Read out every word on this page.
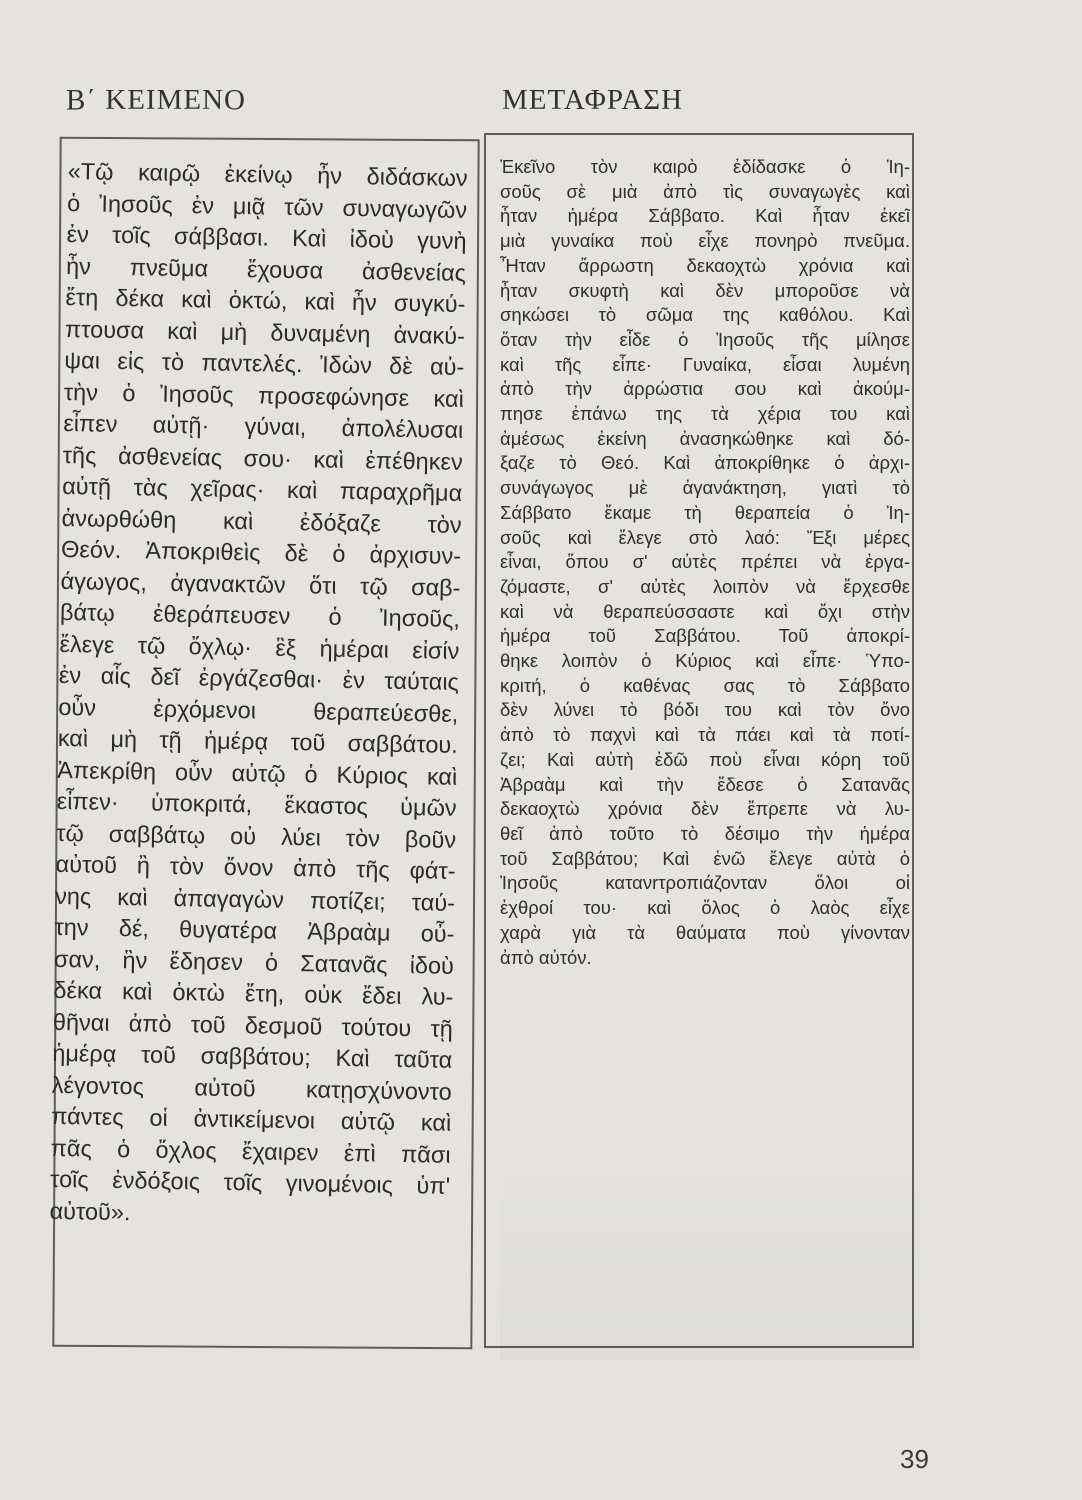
Β΄ ΚΕΙΜΕΝΟ	ΜΕΤΑΦΡΑΣΗ
«Τῷ καιρῷ ἐκείνῳ ἦν διδάσκων
ὁ Ἰησοῦς ἐν μιᾷ τῶν συναγωγῶν
ἐν τοῖς σάββασι. Καὶ ἰδοὺ γυνὴ
ἦν πνεῦμα ἔχουσα ἀσθενείας
ἔτη δέκα καὶ ὀκτώ, καὶ ἦν συγκύ-
πτουσα καὶ μὴ δυναμένη ἀνακύ-
ψαι εἰς τὸ παντελές. Ἰδὼν δὲ αὐ-
τὴν ὁ Ἰησοῦς προσεφώνησε καὶ
εἶπεν αὐτῇ· γύναι, ἀπολέλυσαι
τῆς ἀσθενείας σου· καὶ ἐπέθηκεν
αὐτῇ τὰς χεῖρας· καὶ παραχρῆμα
ἀνωρθώθη καὶ ἐδόξαζε τὸν
Θεόν. Ἀποκριθεὶς δὲ ὁ ἀρχισυν-
άγωγος, ἀγανακτῶν ὅτι τῷ σαβ-
βάτῳ ἐθεράπευσεν ὁ Ἰησοῦς,
ἔλεγε τῷ ὄχλῳ· ἓξ ἡμέραι εἰσίν
ἐν αἷς δεῖ ἐργάζεσθαι· ἐν ταύταις
οὖν ἐρχόμενοι θεραπεύεσθε,
καὶ μὴ τῇ ἡμέρᾳ τοῦ σαββάτου.
Ἀπεκρίθη οὖν αὐτῷ ὁ Κύριος καὶ
εἶπεν· ὑποκριτά, ἕκαστος ὑμῶν
τῷ σαββάτῳ οὐ λύει τὸν βοῦν
αὐτοῦ ἢ τὸν ὄνον ἀπὸ τῆς φάτ-
νης καὶ ἀπαγαγὼν ποτίζει; ταύ-
την δέ, θυγατέρα Ἀβραὰμ οὖ-
σαν, ἣν ἔδησεν ὁ Σατανᾶς ἰδοὺ
δέκα καὶ ὀκτὼ ἔτη, οὐκ ἔδει λυ-
θῆναι ἀπὸ τοῦ δεσμοῦ τούτου τῇ
ἡμέρᾳ τοῦ σαββάτου; Καὶ ταῦτα
λέγοντος αὐτοῦ κατῃσχύνοντο
πάντες οἱ ἀντικείμενοι αὐτῷ καὶ
πᾶς ὁ ὄχλος ἔχαιρεν ἐπὶ πᾶσι
τοῖς ἐνδόξοις τοῖς γινομένοις ὑπ'
αὐτοῦ».
Ἐκεῖνο τὸν καιρὸ ἐδίδασκε ὁ Ἰη-
σοῦς σὲ μιὰ ἀπὸ τὶς συναγωγὲς καὶ
ἦταν ἡμέρα Σάββατο. Καὶ ἦταν ἐκεῖ
μιὰ γυναίκα ποὺ εἶχε πονηρὸ πνεῦμα.
Ἦταν ἄρρωστη δεκαοχτὼ χρόνια καὶ
ἦταν σκυφτὴ καὶ δὲν μποροῦσε νὰ
σηκώσει τὸ σῶμα της καθόλου. Καὶ
ὅταν τὴν εἶδε ὁ Ἰησοῦς τῆς μίλησε
καὶ τῆς εἶπε· Γυναίκα, εἶσαι λυμένη
ἀπὸ τὴν ἀρρώστια σου καὶ ἀκούμ-
πησε ἐπάνω της τὰ χέρια του καὶ
ἀμέσως ἐκείνη ἀνασηκώθηκε καὶ δό-
ξαζε τὸ Θεό. Καὶ ἀποκρίθηκε ὁ ἀρχι-
συνάγωγος μὲ ἀγανάκτηση, γιατὶ τὸ
Σάββατο ἔκαμε τὴ θεραπεία ὁ Ἰη-
σοῦς καὶ ἔλεγε στὸ λαό: Ἔξι μέρες
εἶναι, ὅπου σ' αὐτὲς πρέπει νὰ ἐργα-
ζόμαστε, σ' αὐτὲς λοιπὸν νὰ ἔρχεσθε
καὶ νὰ θεραπεύσσαστε καὶ ὄχι στὴν
ἡμέρα τοῦ Σαββάτου. Τοῦ ἀποκρί-
θηκε λοιπὸν ὁ Κύριος καὶ εἶπε· Ὑπο-
κριτή, ὁ καθένας σας τὸ Σάββατο
δὲν λύνει τὸ βόδι του καὶ τὸν ὄνο
ἀπὸ τὸ παχνὶ καὶ τὰ πάει καὶ τὰ ποτί-
ζει; Καὶ αὐτὴ ἐδῶ ποὺ εἶναι κόρη τοῦ
Ἀβραὰμ καὶ τὴν ἔδεσε ὁ Σατανᾶς
δεκαοχτὼ χρόνια δὲν ἔπρεπε νὰ λυ-
θεῖ ἀπὸ τοῦτο τὸ δέσιμο τὴν ἡμέρα
τοῦ Σαββάτου; Καὶ ἐνῶ ἔλεγε αὐτὰ ὁ
Ἰησοῦς κατανrτροπιάζονταν ὅλοι οἱ
ἐχθροί του· καὶ ὅλος ὁ λαὸς εἶχε
χαρὰ γιὰ τὰ θαύματα ποὺ γίνονταν
ἀπὸ αὐτόν.
39
